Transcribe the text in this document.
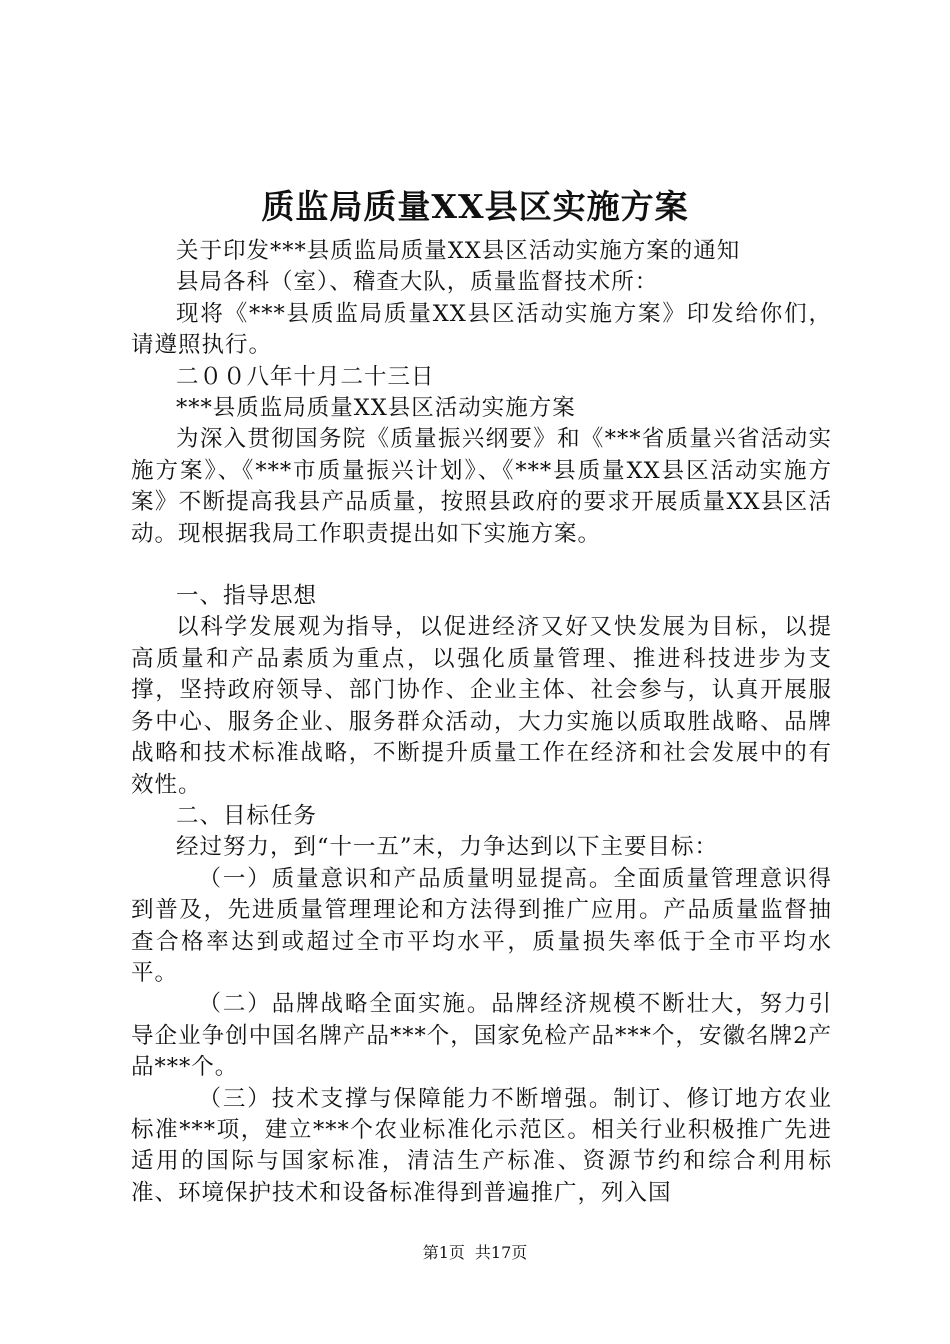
质监局质量XX县区实施方案

关于印发***县质监局质量XX县区活动实施方案的通知

县局各科（室）、稽查大队，质量监督技术所：

现将《***县质监局质量XX县区活动实施方案》印发给你们，请遵照执行。

二００八年十月二十三日

***县质监局质量XX县区活动实施方案

为深入贯彻国务院《质量振兴纲要》和《***省质量兴省活动实施方案》、《***市质量振兴计划》、《***县质量XX县区活动实施方案》不断提高我县产品质量，按照县政府的要求开展质量XX县区活动。现根据我局工作职责提出如下实施方案。

一、指导思想

以科学发展观为指导，以促进经济又好又快发展为目标，以提高质量和产品素质为重点，以强化质量管理、推进科技进步为支撑，坚持政府领导、部门协作、企业主体、社会参与，认真开展服务中心、服务企业、服务群众活动，大力实施以质取胜战略、品牌战略和技术标准战略，不断提升质量工作在经济和社会发展中的有效性。

二、目标任务

经过努力，到“十一五”末，力争达到以下主要目标：

（一）质量意识和产品质量明显提高。全面质量管理意识得到普及，先进质量管理理论和方法得到推广应用。产品质量监督抽查合格率达到或超过全市平均水平，质量损失率低于全市平均水平。

（二）品牌战略全面实施。品牌经济规模不断壮大，努力引导企业争创中国名牌产品***个，国家免检产品***个，安徽名牌2产品***个。

（三）技术支撑与保障能力不断增强。制订、修订地方农业标准***项，建立***个农业标准化示范区。相关行业积极推广先进适用的国际与国家标准，清洁生产标准、资源节约和综合利用标准、环境保护技术和设备标准得到普遍推广，列入国

第1页 共17页
